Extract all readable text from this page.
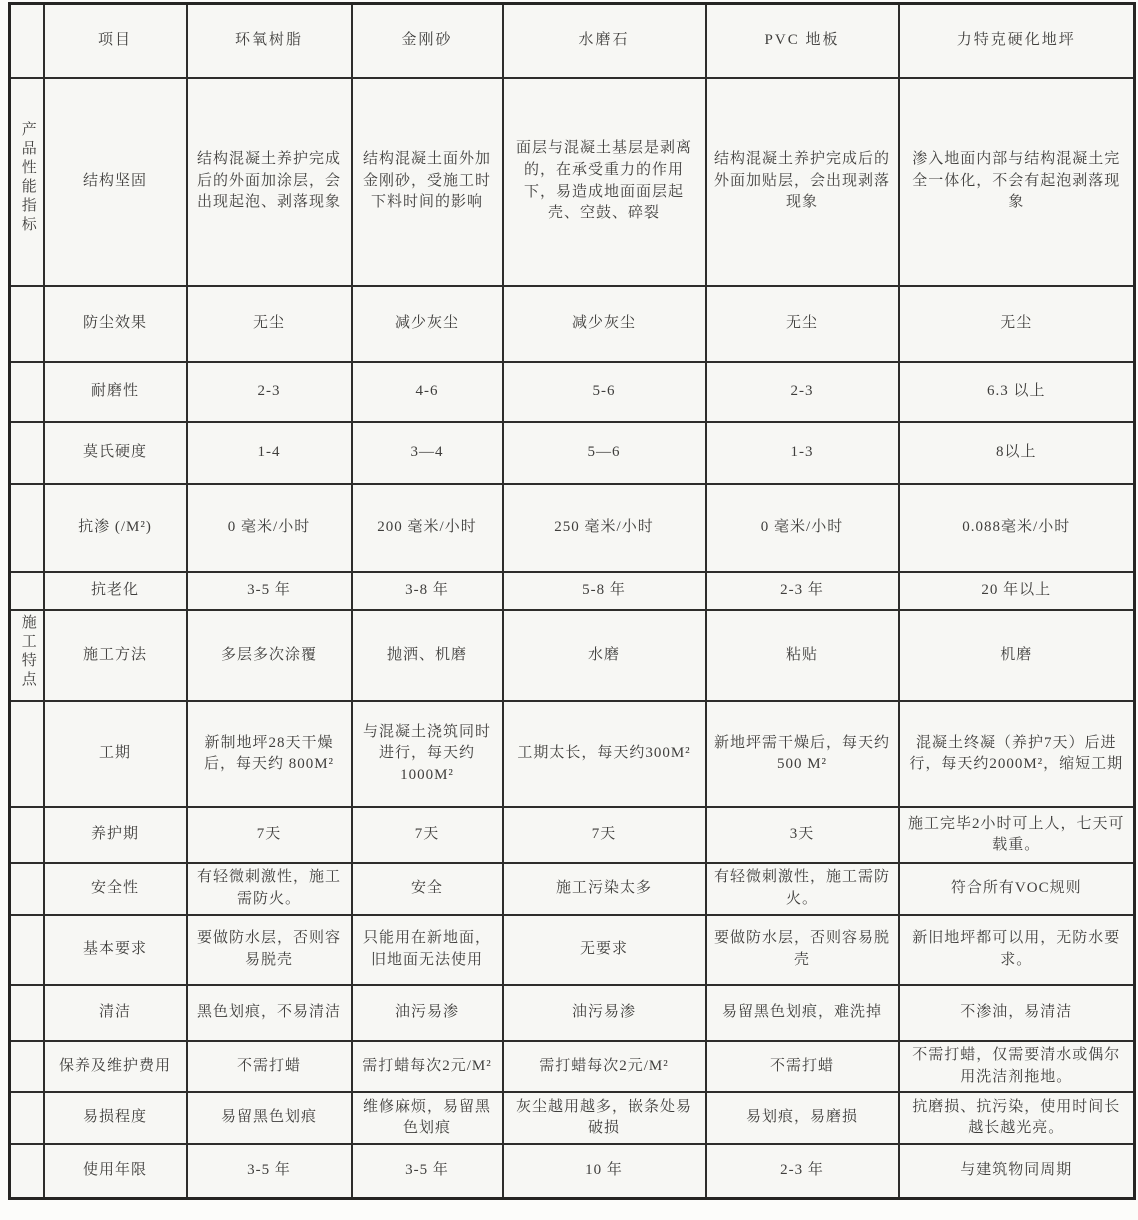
	项目	环氧树脂	金刚砂	水磨石	PVC 地板	力特克硬化地坪
产品性能指标	结构坚固	结构混凝土养护完成后的外面加涂层，会出现起泡、剥落现象	结构混凝土面外加金刚砂，受施工时下料时间的影响	面层与混凝土基层是剥离的，在承受重力的作用下，易造成地面面层起壳、空鼓、碎裂	结构混凝土养护完成后的外面加贴层，会出现剥落现象	渗入地面内部与结构混凝土完全一体化，不会有起泡剥落现象
	防尘效果	无尘	减少灰尘	减少灰尘	无尘	无尘
	耐磨性	2-3	4-6	5-6	2-3	6.3 以上
	莫氏硬度	1-4	3—4	5—6	1-3	8以上
	抗渗 (/M²)	0 毫米/小时	200 毫米/小时	250 毫米/小时	0 毫米/小时	0.088毫米/小时
	抗老化	3-5 年	3-8 年	5-8 年	2-3 年	20 年以上
施工特点	施工方法	多层多次涂覆	抛洒、机磨	水磨	粘贴	机磨
	工期	新制地坪28天干燥后，每天约 800M²	与混凝土浇筑同时进行，每天约 1000M²	工期太长，每天约300M²	新地坪需干燥后，每天约500 M²	混凝土终凝（养护7天）后进行，每天约2000M²，缩短工期
	养护期	7天	7天	7天	3天	施工完毕2小时可上人，七天可载重。
	安全性	有轻微刺激性，施工需防火。	安全	施工污染太多	有轻微刺激性，施工需防火。	符合所有VOC规则
	基本要求	要做防水层，否则容易脱壳	只能用在新地面，旧地面无法使用	无要求	要做防水层，否则容易脱壳	新旧地坪都可以用，无防水要求。
	清洁	黑色划痕，不易清洁	油污易渗	油污易渗	易留黑色划痕，难洗掉	不渗油，易清洁
	保养及维护费用	不需打蜡	需打蜡每次2元/M²	需打蜡每次2元/M²	不需打蜡	不需打蜡，仅需要清水或偶尔用洗洁剂拖地。
	易损程度	易留黑色划痕	维修麻烦，易留黑色划痕	灰尘越用越多，嵌条处易破损	易划痕，易磨损	抗磨损、抗污染，使用时间长越长越光亮。
	使用年限	3-5 年	3-5 年	10 年	2-3 年	与建筑物同周期
